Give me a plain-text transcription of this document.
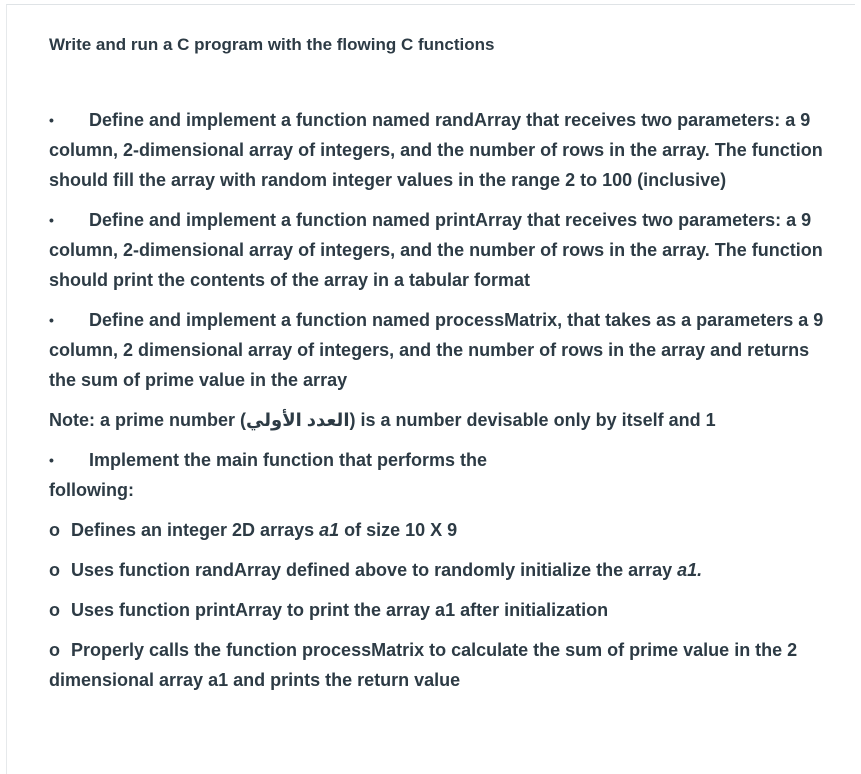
Write and run a C program with the flowing C functions

• Define and implement a function named randArray that receives two parameters: a 9 column, 2-dimensional array of integers, and the number of rows in the array. The function should fill the array with random integer values in the range 2 to 100 (inclusive)

• Define and implement a function named printArray that receives two parameters: a 9 column, 2-dimensional array of integers, and the number of rows in the array. The function should print the contents of the array in a tabular format

• Define and implement a function named processMatrix, that takes as a parameters a 9 column, 2 dimensional array of integers, and the number of rows in the array and returns the sum of prime value in the array

Note: a prime number (العدد الأولي) is a number devisable only by itself and 1

• Implement the main function that performs the
following:

o Defines an integer 2D arrays a1 of size 10 X 9

o Uses function randArray defined above to randomly initialize the array a1.

o Uses function printArray to print the array a1 after initialization

o Properly calls the function processMatrix to calculate the sum of prime value in the 2 dimensional array a1 and prints the return value
